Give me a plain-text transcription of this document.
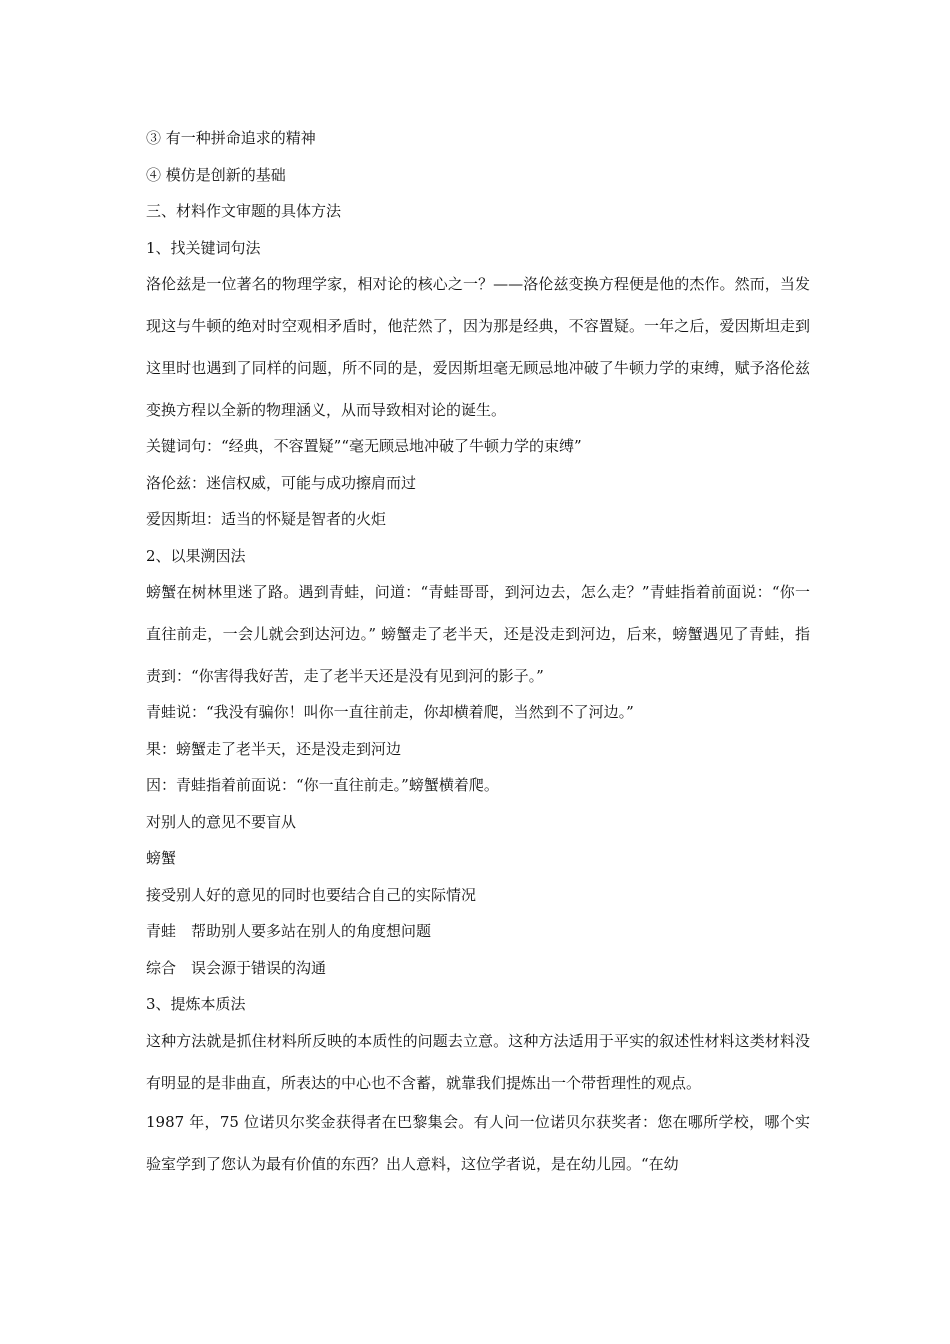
③ 有一种拼命追求的精神
④ 模仿是创新的基础
三、材料作文审题的具体方法
1、找关键词句法
洛伦兹是一位著名的物理学家，相对论的核心之一？——洛伦兹变换方程便是他的杰作。然而，当发现这与牛顿的绝对时空观相矛盾时，他茫然了，因为那是经典，不容置疑。一年之后，爱因斯坦走到这里时也遇到了同样的问题，所不同的是，爱因斯坦毫无顾忌地冲破了牛顿力学的束缚，赋予洛伦兹变换方程以全新的物理涵义，从而导致相对论的诞生。
关键词句：“经典，不容置疑”“毫无顾忌地冲破了牛顿力学的束缚”
洛伦兹：迷信权威，可能与成功擦肩而过
爱因斯坦：适当的怀疑是智者的火炬
2、以果溯因法
螃蟹在树林里迷了路。遇到青蛙，问道：“青蛙哥哥，到河边去，怎么走？”青蛙指着前面说：“你一直往前走，一会儿就会到达河边。” 螃蟹走了老半天，还是没走到河边，后来，螃蟹遇见了青蛙，指责到：“你害得我好苦，走了老半天还是没有见到河的影子。”
青蛙说：“我没有骗你！叫你一直往前走，你却横着爬，当然到不了河边。”
果：螃蟹走了老半天，还是没走到河边
因：青蛙指着前面说：“你一直往前走。”螃蟹横着爬。
对别人的意见不要盲从
螃蟹
接受别人好的意见的同时也要结合自己的实际情况
青蛙 帮助别人要多站在别人的角度想问题
综合 误会源于错误的沟通
3、提炼本质法
这种方法就是抓住材料所反映的本质性的问题去立意。这种方法适用于平实的叙述性材料这类材料没有明显的是非曲直，所表达的中心也不含蓄，就靠我们提炼出一个带哲理性的观点。
1987 年，75 位诺贝尔奖金获得者在巴黎集会。有人问一位诺贝尔获奖者：您在哪所学校，哪个实验室学到了您认为最有价值的东西？出人意料，这位学者说，是在幼儿园。“在幼
